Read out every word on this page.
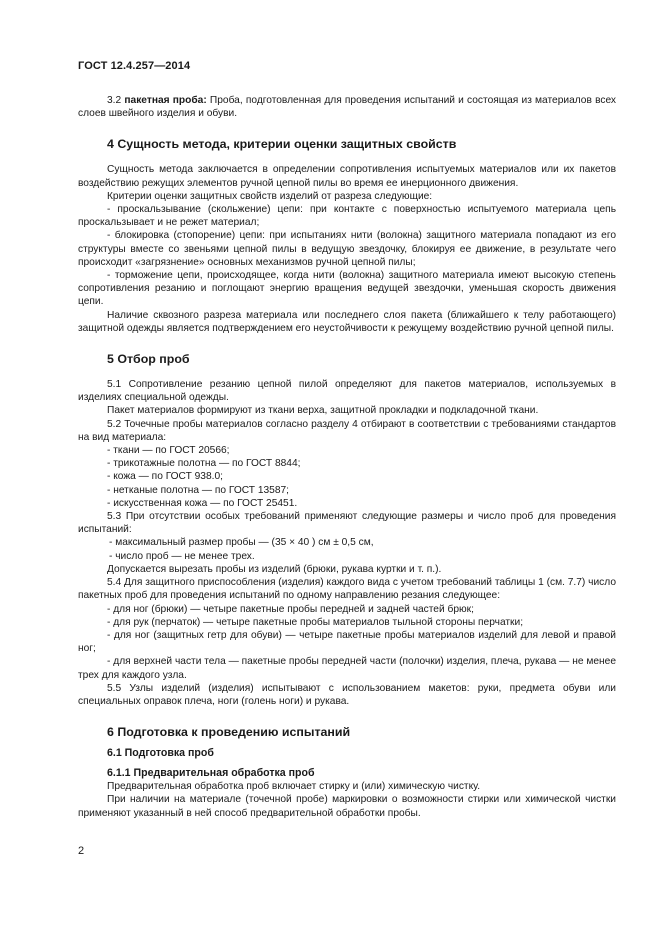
ГОСТ 12.4.257—2014

3.2 пакетная проба: Проба, подготовленная для проведения испытаний и состоящая из материалов всех слоев швейного изделия и обуви.

4 Сущность метода, критерии оценки защитных свойств

Сущность метода заключается в определении сопротивления испытуемых материалов или их пакетов воздействию режущих элементов ручной цепной пилы во время ее инерционного движения.

Критерии оценки защитных свойств изделий от разреза следующие:

- проскальзывание (скольжение) цепи: при контакте с поверхностью испытуемого материала цепь проскальзывает и не режет материал;

- блокировка (стопорение) цепи: при испытаниях нити (волокна) защитного материала попадают из его структуры вместе со звеньями цепной пилы в ведущую звездочку, блокируя ее движение, в результате чего происходит «загрязнение» основных механизмов ручной цепной пилы;

- торможение цепи, происходящее, когда нити (волокна) защитного материала имеют высокую степень сопротивления резанию и поглощают энергию вращения ведущей звездочки, уменьшая скорость движения цепи.

Наличие сквозного разреза материала или последнего слоя пакета (ближайшего к телу работающего) защитной одежды является подтверждением его неустойчивости к режущему воздействию ручной цепной пилы.

5 Отбор проб

5.1 Сопротивление резанию цепной пилой определяют для пакетов материалов, используемых в изделиях специальной одежды.

Пакет материалов формируют из ткани верха, защитной прокладки и подкладочной ткани.

5.2 Точечные пробы материалов согласно разделу 4 отбирают в соответствии с требованиями стандартов на вид материала:

- ткани — по ГОСТ 20566;

- трикотажные полотна — по ГОСТ 8844;

- кожа — по ГОСТ 938.0;

- нетканые полотна — по ГОСТ 13587;

- искусственная кожа — по ГОСТ 25451.

5.3 При отсутствии особых требований применяют следующие размеры и число проб для проведения испытаний:

- максимальный размер пробы — (35 × 40 ) см ± 0,5 см,

- число проб — не менее трех.

Допускается вырезать пробы из изделий (брюки, рукава куртки и т. п.).

5.4 Для защитного приспособления (изделия) каждого вида с учетом требований таблицы 1 (см. 7.7) число пакетных проб для проведения испытаний по одному направлению резания следующее:

- для ног (брюки) — четыре пакетные пробы передней и задней частей брюк;

- для рук (перчаток) — четыре пакетные пробы материалов тыльной стороны перчатки;

- для ног (защитных гетр для обуви) — четыре пакетные пробы материалов изделий для левой и правой ног;

- для верхней части тела — пакетные пробы передней части (полочки) изделия, плеча, рукава — не менее трех для каждого узла.

5.5 Узлы изделий (изделия) испытывают с использованием макетов: руки, предмета обуви или специальных оправок плеча, ноги (голень ноги) и рукава.

6 Подготовка к проведению испытаний
6.1 Подготовка проб
6.1.1 Предварительная обработка проб

Предварительная обработка проб включает стирку и (или) химическую чистку.

При наличии на материале (точечной пробе) маркировки о возможности стирки или химической чистки применяют указанный в ней способ предварительной обработки пробы.

2
